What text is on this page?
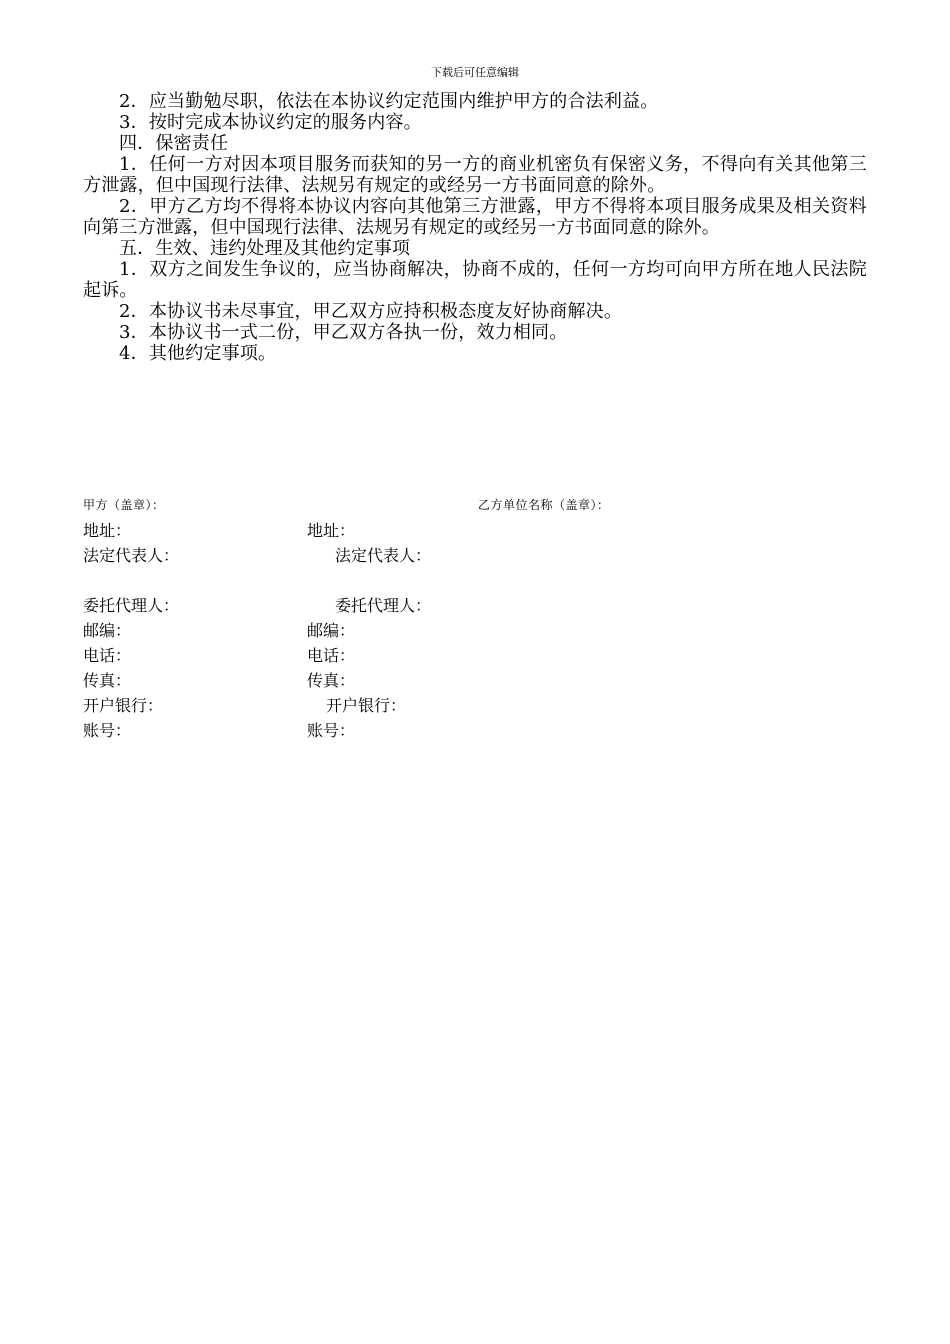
下载后可任意编辑

2．应当勤勉尽职，依法在本协议约定范围内维护甲方的合法利益。

3．按时完成本协议约定的服务内容。

四．保密责任

1．任何一方对因本项目服务而获知的另一方的商业机密负有保密义务，不得向有关其他第三方泄露，但中国现行法律、法规另有规定的或经另一方书面同意的除外。

2．甲方乙方均不得将本协议内容向其他第三方泄露，甲方不得将本项目服务成果及相关资料向第三方泄露，但中国现行法律、法规另有规定的或经另一方书面同意的除外。

五．生效、违约处理及其他约定事项

1．双方之间发生争议的，应当协商解决，协商不成的，任何一方均可向甲方所在地人民法院起诉。

2．本协议书未尽事宜，甲乙双方应持积极态度友好协商解决。

3．本协议书一式二份，甲乙双方各执一份，效力相同。

4．其他约定事项。

甲方（盖章）：	乙方单位名称（盖章）：
地址：
法定代表人：
委托代理人：
邮编：
电话：
传真：
开户银行：
账号：
地址：
法定代表人：
委托代理人：
邮编：
电话：
传真：
开户银行：
账号：
